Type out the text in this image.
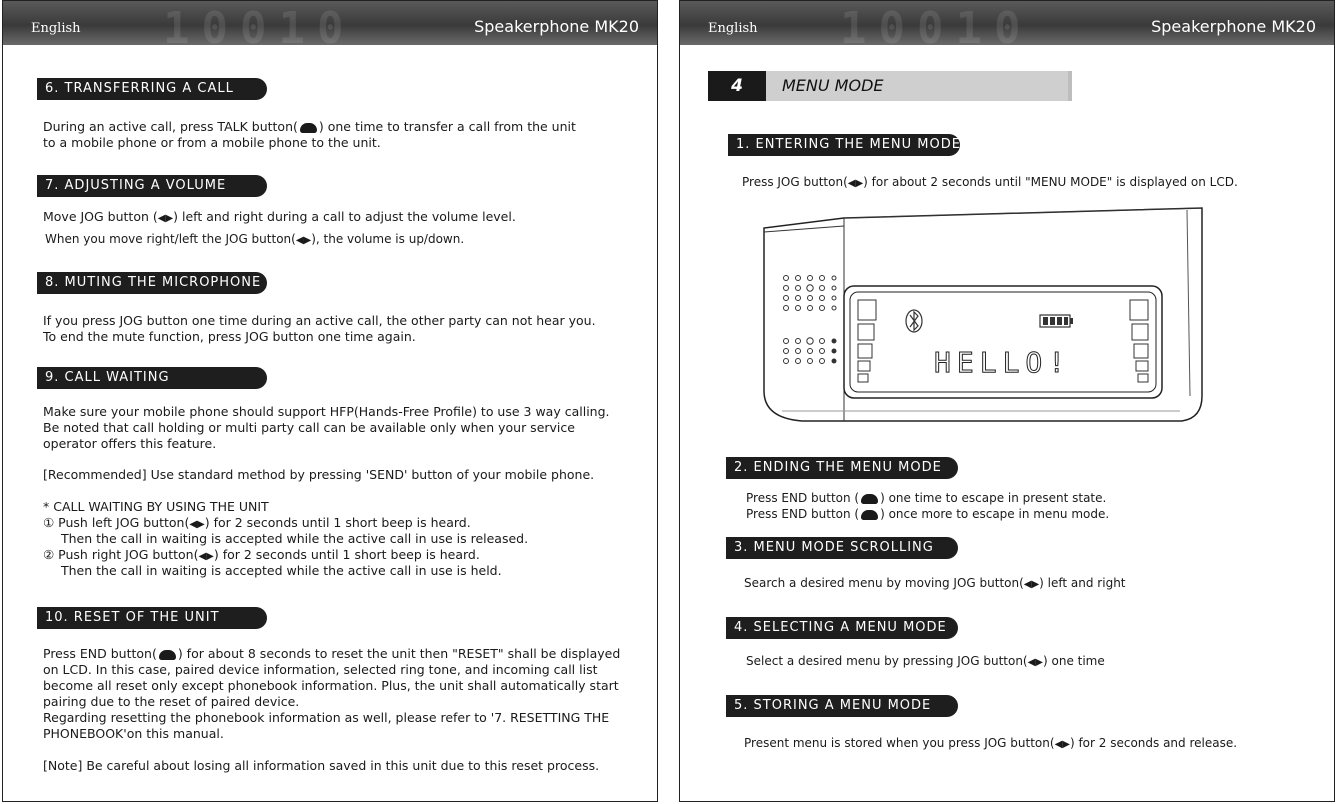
10010
English	Speakerphone MK20
6. TRANSFERRING A CALL
During an active call, press TALK button( ) one time to transfer a call from the unit
to a mobile phone or from a mobile phone to the unit.
7. ADJUSTING A VOLUME
Move JOG button (◀▶) left and right during a call to adjust the volume level.
When you move right/left the JOG button(◀▶), the volume is up/down.
8. MUTING THE MICROPHONE
If you press JOG button one time during an active call, the other party can not hear you.
To end the mute function, press JOG button one time again.
9. CALL WAITING
Make sure your mobile phone should support HFP(Hands-Free Profile) to use 3 way calling.
Be noted that call holding or multi party call can be available only when your service
operator offers this feature.
[Recommended] Use standard method by pressing 'SEND' button of your mobile phone.
* CALL WAITING BY USING THE UNIT
① Push left JOG button(◀▶) for 2 seconds until 1 short beep is heard.
Then the call in waiting is accepted while the active call in use is released.
② Push right JOG button(◀▶) for 2 seconds until 1 short beep is heard.
Then the call in waiting is accepted while the active call in use is held.
10. RESET OF THE UNIT
Press END button( ) for about 8 seconds to reset the unit then "RESET" shall be displayed
on LCD. In this case, paired device information, selected ring tone, and incoming call list
become all reset only except phonebook information. Plus, the unit shall automatically start
pairing due to the reset of paired device.
Regarding resetting the phonebook information as well, please refer to '7. RESETTING THE
PHONEBOOK'on this manual.
[Note] Be careful about losing all information saved in this unit due to this reset process.
10010
English	Speakerphone MK20
4	MENU MODE
1. ENTERING THE MENU MODE
Press JOG button(◀▶) for about 2 seconds until "MENU MODE" is displayed on LCD.
HELLO!
2. ENDING THE MENU MODE
Press END button ( ) one time to escape in present state.
Press END button ( ) once more to escape in menu mode.
3. MENU MODE SCROLLING
Search a desired menu by moving JOG button(◀▶) left and right
4. SELECTING A MENU MODE
Select a desired menu by pressing JOG button(◀▶) one time
5. STORING A MENU MODE
Present menu is stored when you press JOG button(◀▶) for 2 seconds and release.
